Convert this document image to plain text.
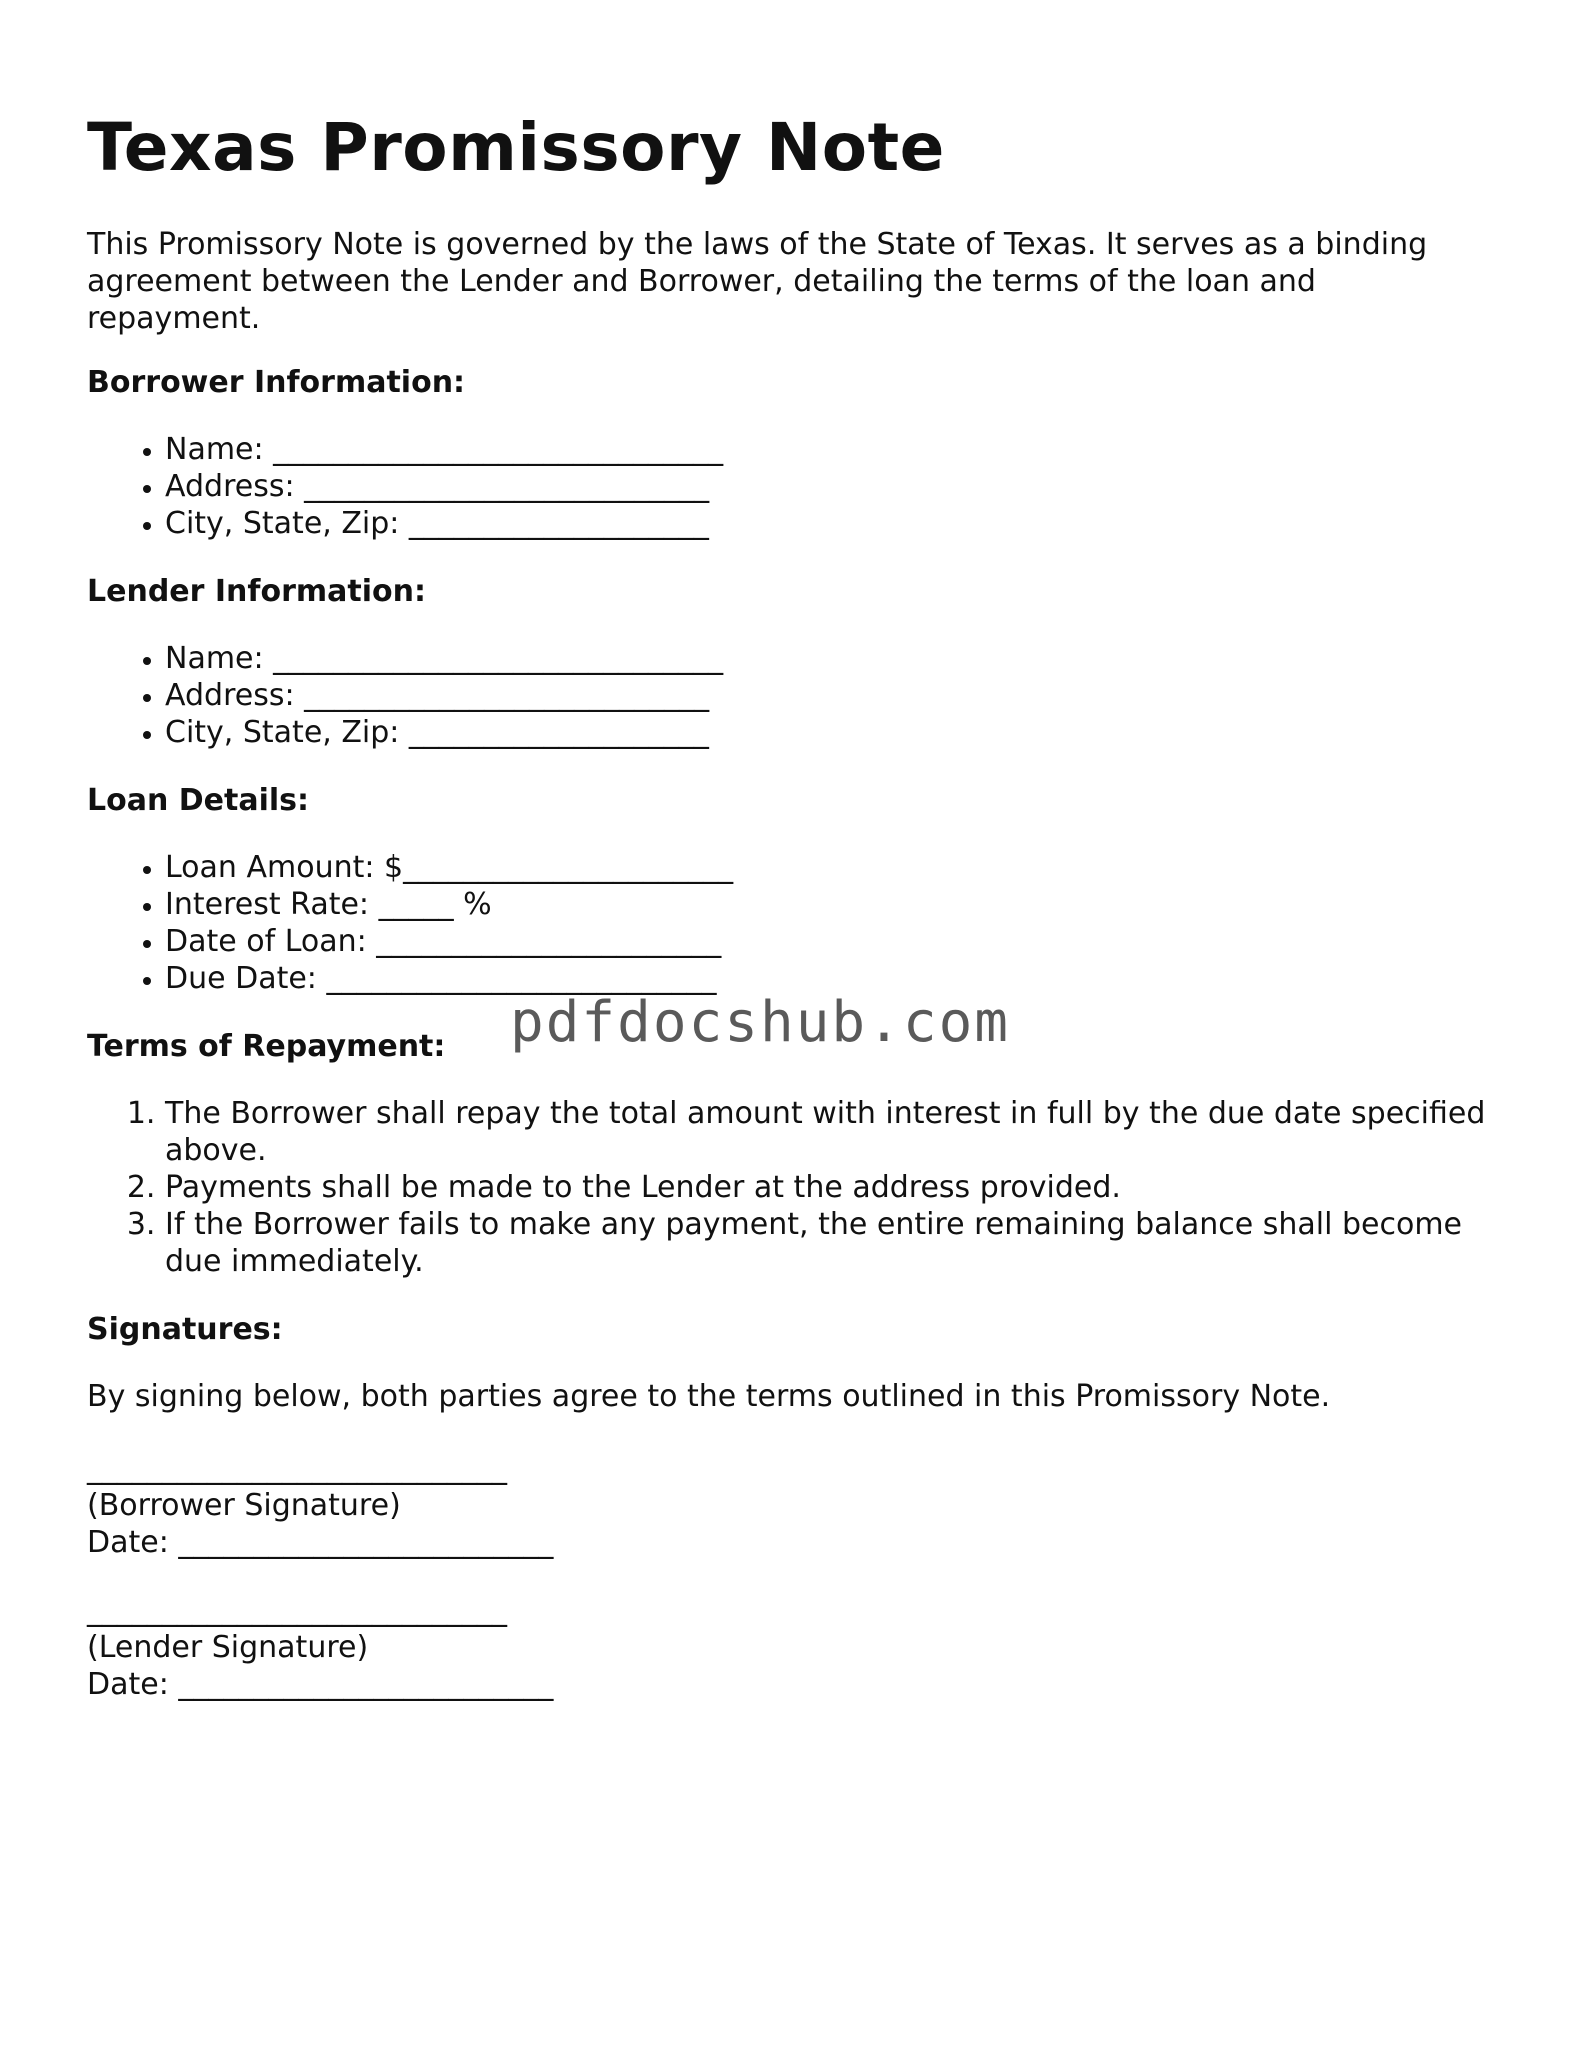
Texas Promissory Note

This Promissory Note is governed by the laws of the State of Texas. It serves as a binding agreement between the Lender and Borrower, detailing the terms of the loan and repayment.

Borrower Information:

• Name: ______________________________
• Address: ___________________________
• City, State, Zip: ____________________

Lender Information:

• Name: ______________________________
• Address: ___________________________
• City, State, Zip: ____________________

Loan Details:

• Loan Amount: $______________________
• Interest Rate: _____ %
• Date of Loan: _______________________
• Due Date: __________________________

Terms of Repayment:

1. The Borrower shall repay the total amount with interest in full by the due date specified above.
2. Payments shall be made to the Lender at the address provided.
3. If the Borrower fails to make any payment, the entire remaining balance shall become due immediately.

Signatures:

By signing below, both parties agree to the terms outlined in this Promissory Note.

____________________________
(Borrower Signature)
Date: _________________________
____________________________
(Lender Signature)
Date: _________________________
pdfdocshub.com
